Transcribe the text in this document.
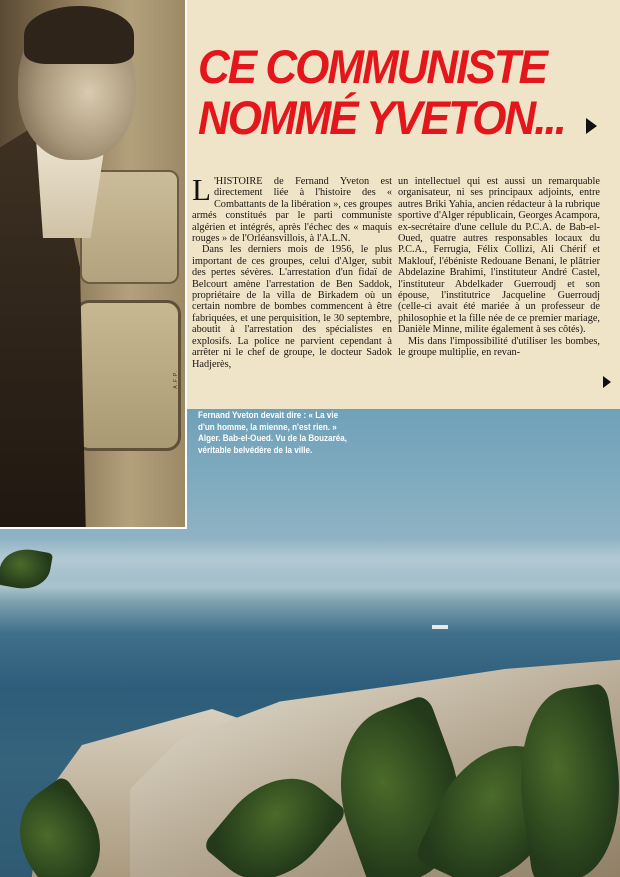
A.F.P.
CE COMMUNISTE
NOMMÉ YVETON...

L 'HISTOIRE de Fernand Yveton est directement liée à l'histoire des « Combattants de la libération », ces groupes armés constitués par le parti communiste algérien et intégrés, après l'échec des « maquis rouges » de l'Orléansvillois, à l'A.L.N.

Dans les derniers mois de 1956, le plus important de ces groupes, celui d'Alger, subit des pertes sévères. L'arrestation d'un fidaï de Belcourt amène l'arrestation de Ben Saddok, propriétaire de la villa de Birkadem où un certain nombre de bombes commencent à être fabriquées, et une perquisition, le 30 septembre, aboutit à l'arrestation des spécialistes en explosifs. La police ne parvient cependant à arrêter ni le chef de groupe, le docteur Sadok Hadjerès,

un intellectuel qui est aussi un remarquable organisateur, ni ses principaux adjoints, entre autres Briki Yahia, ancien rédacteur à la rubrique sportive d'Alger républicain, Georges Acampora, ex-secrétaire d'une cellule du P.C.A. de Bab-el-Oued, quatre autres responsables locaux du P.C.A., Ferrugia, Félix Collizi, Ali Chérif et Maklouf, l'ébéniste Redouane Benani, le plâtrier Abdelazine Brahimi, l'instituteur André Castel, l'instituteur Abdelkader Guerroudj et son épouse, l'institutrice Jacqueline Guerroudj (celle-ci avait été mariée à un professeur de philosophie et la fille née de ce premier mariage, Danièle Minne, milite également à ses côtés).

Mis dans l'impossibilité d'utiliser les bombes, le groupe multiplie, en revan-

Fernand Yveton devait dire : « La vie
d'un homme, la mienne, n'est rien. »
Alger. Bab-el-Oued. Vu de la Bouzaréa,
véritable belvédère de la ville.
